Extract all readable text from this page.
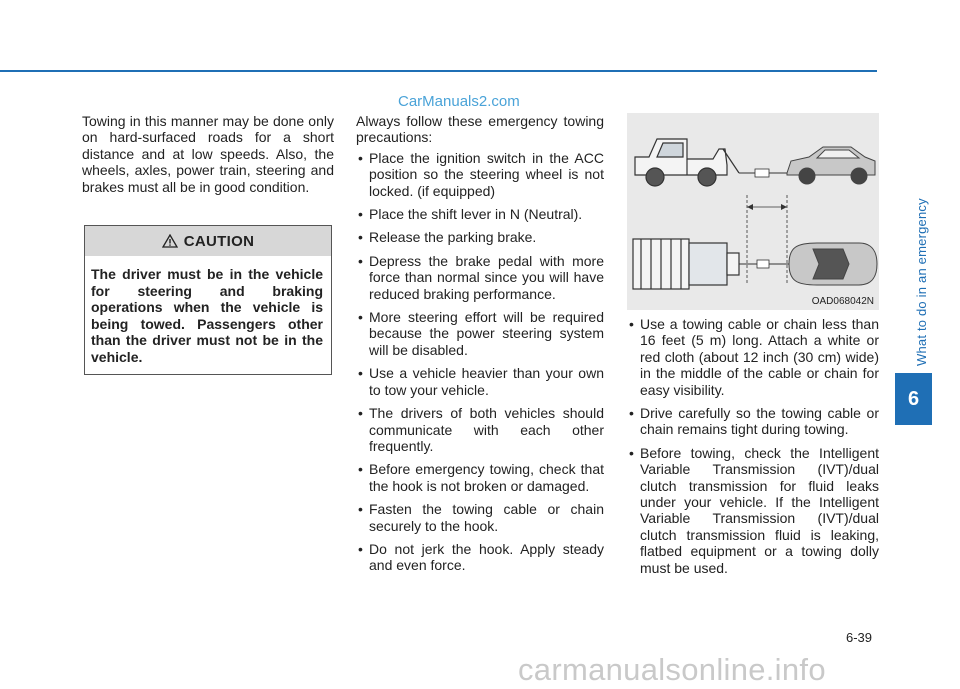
CarManuals2.com

Towing in this manner may be done only on hard-surfaced roads for a short distance and at low speeds. Also, the wheels, axles, power train, steering and brakes must all be in good condition.

CAUTION
The driver must be in the vehicle for steering and braking operations when the vehicle is being towed. Passengers other than the driver must not be in the vehicle.

Always follow these emergency towing precautions:

• Place the ignition switch in the ACC position so the steering wheel is not locked. (if equipped)
• Place the shift lever in N (Neutral).
• Release the parking brake.
• Depress the brake pedal with more force than normal since you will have reduced braking performance.
• More steering effort will be required because the power steering system will be disabled.
• Use a vehicle heavier than your own to tow your vehicle.
• The drivers of both vehicles should communicate with each other frequently.
• Before emergency towing, check that the hook is not broken or damaged.
• Fasten the towing cable or chain securely to the hook.
• Do not jerk the hook. Apply steady and even force.
OAD068042N
• Use a towing cable or chain less than 16 feet (5 m) long. Attach a white or red cloth (about 12 inch (30 cm) wide) in the middle of the cable or chain for easy visibility.
• Drive carefully so the towing cable or chain remains tight during towing.
• Before towing, check the Intelligent Variable Transmission (IVT)/dual clutch transmission for fluid leaks under your vehicle. If the Intelligent Variable Transmission (IVT)/dual clutch transmission fluid is leaking, flatbed equipment or a towing dolly must be used.
What to do in an emergency
6
6-39
carmanualsonline.info
